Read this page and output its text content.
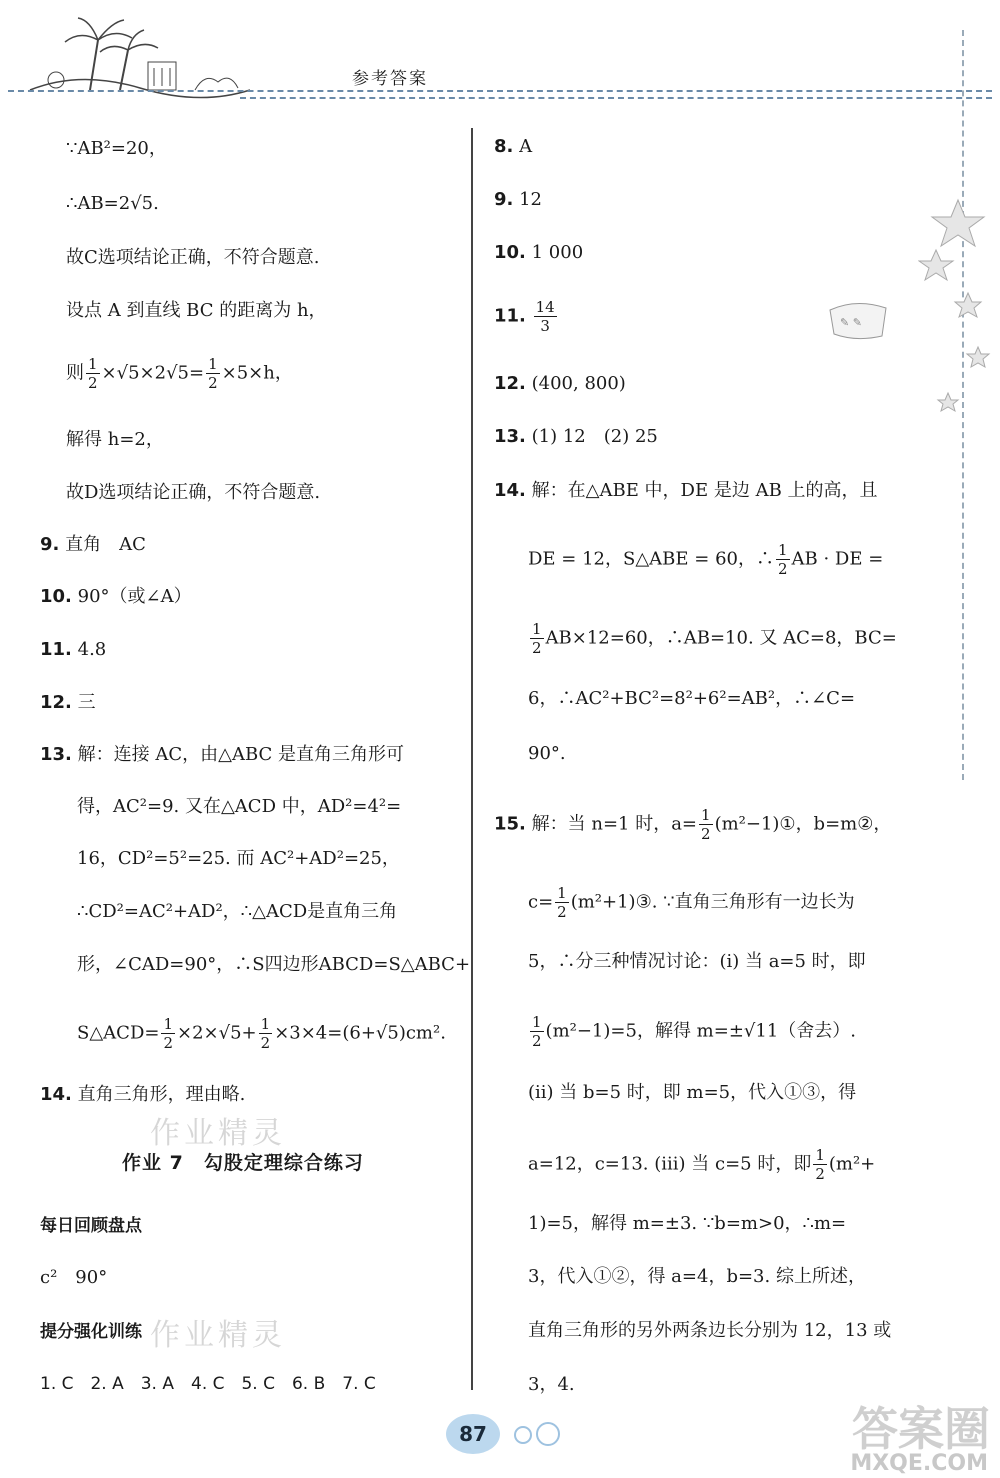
参考答案
✎ ✎
∵AB²=20，
∴AB=2√5.
故C选项结论正确，不符合题意.
设点 A 到直线 BC 的距离为 h，
则 $\frac{1}{2} \times√5\times 2√5= \frac{1}{2} \times 5\times h$，
解得 h=2，
故D选项结论正确，不符合题意.
9. 直角　AC
10. 90°（或∠A）
11. 4.8
12. 三
13. 解：连接 AC，由△ABC 是直角三角形可
得，AC²=9. 又在△ACD 中，AD²=4²=
16，CD²=5²=25. 而 AC²+AD²=25，
∴CD²=AC²+AD²，∴△ACD是直角三角
形，∠CAD=90°，∴S四边形ABCD=S△ABC+
S△ACD= $\frac{1}{2} \times 2\times√5+ \frac{1}{2} \times 3\times 4=(6+√5)cm^2$.
14. 直角三角形，理由略.
作业精灵
作业 7　勾股定理综合练习
每日回顾盘点
c²　90°
提分强化训练 作业精灵
1. C　2. A　3. A　4. C　5. C　6. B　7. C
8. A
9. 12
10. 1 000
11. $\frac{14}{3}$
12. (400, 800)
13. (1) 12　(2) 25
14. 解：在△ABE 中，DE 是边 AB 上的高，且
DE = 12，S△ABE = 60，∴ $\frac{1}{2}$ AB · DE =
$\frac{1}{2} AB\times 12=60$，∴AB=10. 又 AC=8，BC=
6，∴AC²+BC²=8²+6²=AB²，∴∠C=
90°.
15. 解：当 n=1 时，$a= \frac{1}{2}$ (m²−1)①，b=m②，
$c= \frac{1}{2}$ (m²+1)③. ∵直角三角形有一边长为
5，∴分三种情况讨论：(ⅰ) 当 a=5 时，即
$\frac{1}{2} (m^2-1)=5$，解得 m=±√11（舍去）.
(ⅱ) 当 b=5 时，即 m=5，代入①③，得
a=12，c=13. (ⅲ) 当 c=5 时，即 $\frac{1}{2} (m^2+$
1)=5，解得 m=±3. ∵b=m>0，∴m=
3，代入①②，得 a=4，b=3. 综上所述，
直角三角形的另外两条边长分别为 12，13 或
3，4.
87	答案圈
MXQE.COM
